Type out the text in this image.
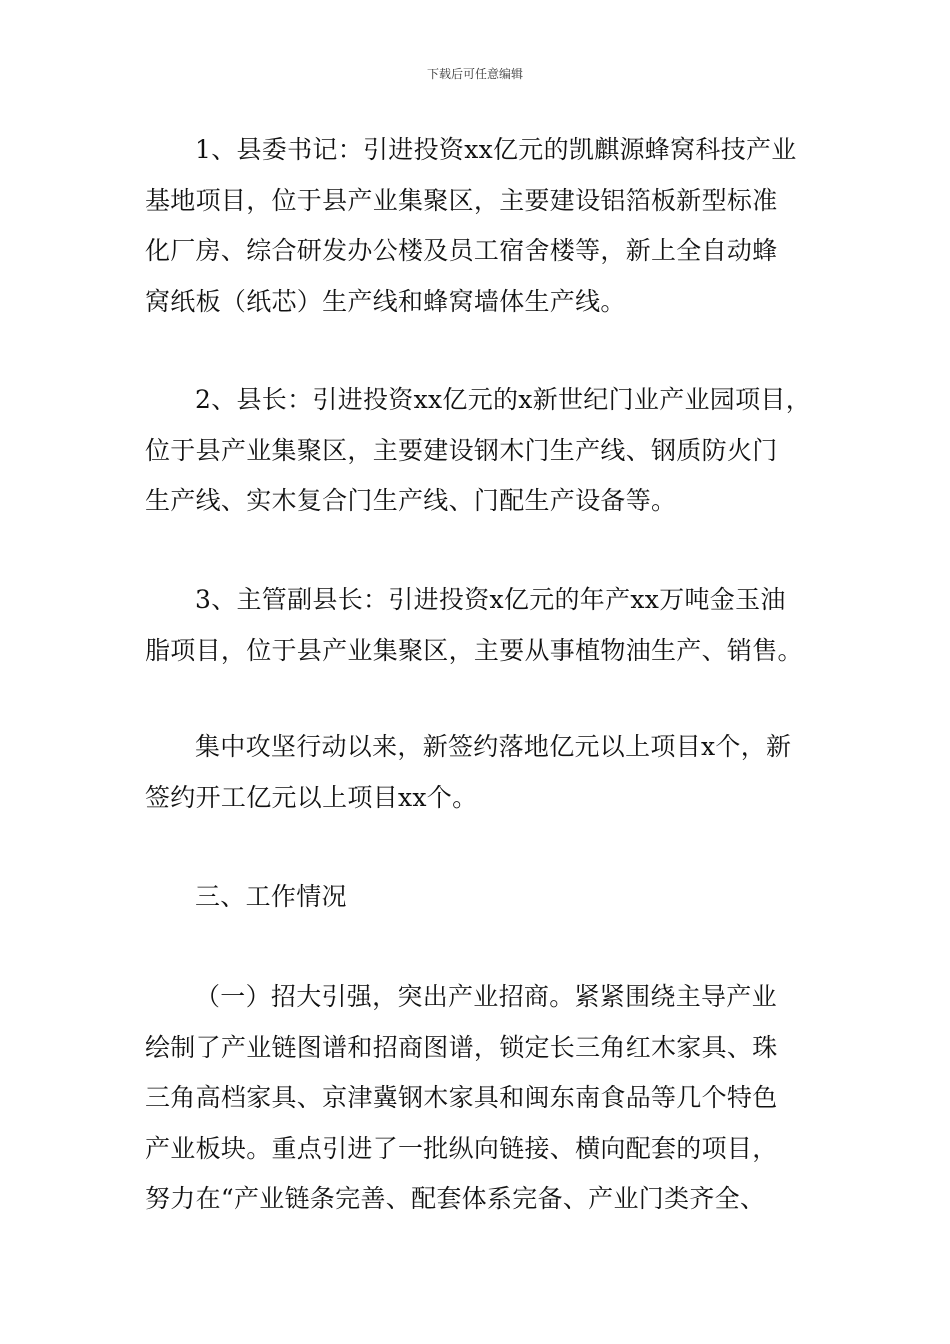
下载后可任意编辑
1、县委书记：引进投资xx亿元的凯麒源蜂窝科技产业
基地项目，位于县产业集聚区，主要建设铝箔板新型标准
化厂房、综合研发办公楼及员工宿舍楼等，新上全自动蜂
窝纸板（纸芯）生产线和蜂窝墙体生产线。
2、县长：引进投资xx亿元的x新世纪门业产业园项目，
位于县产业集聚区，主要建设钢木门生产线、钢质防火门
生产线、实木复合门生产线、门配生产设备等。
3、主管副县长：引进投资x亿元的年产xx万吨金玉油
脂项目，位于县产业集聚区，主要从事植物油生产、销售。
集中攻坚行动以来，新签约落地亿元以上项目x个，新
签约开工亿元以上项目xx个。
三、工作情况
（一）招大引强，突出产业招商。紧紧围绕主导产业
绘制了产业链图谱和招商图谱，锁定长三角红木家具、珠
三角高档家具、京津冀钢木家具和闽东南食品等几个特色
产业板块。重点引进了一批纵向链接、横向配套的项目，
努力在“产业链条完善、配套体系完备、产业门类齐全、
